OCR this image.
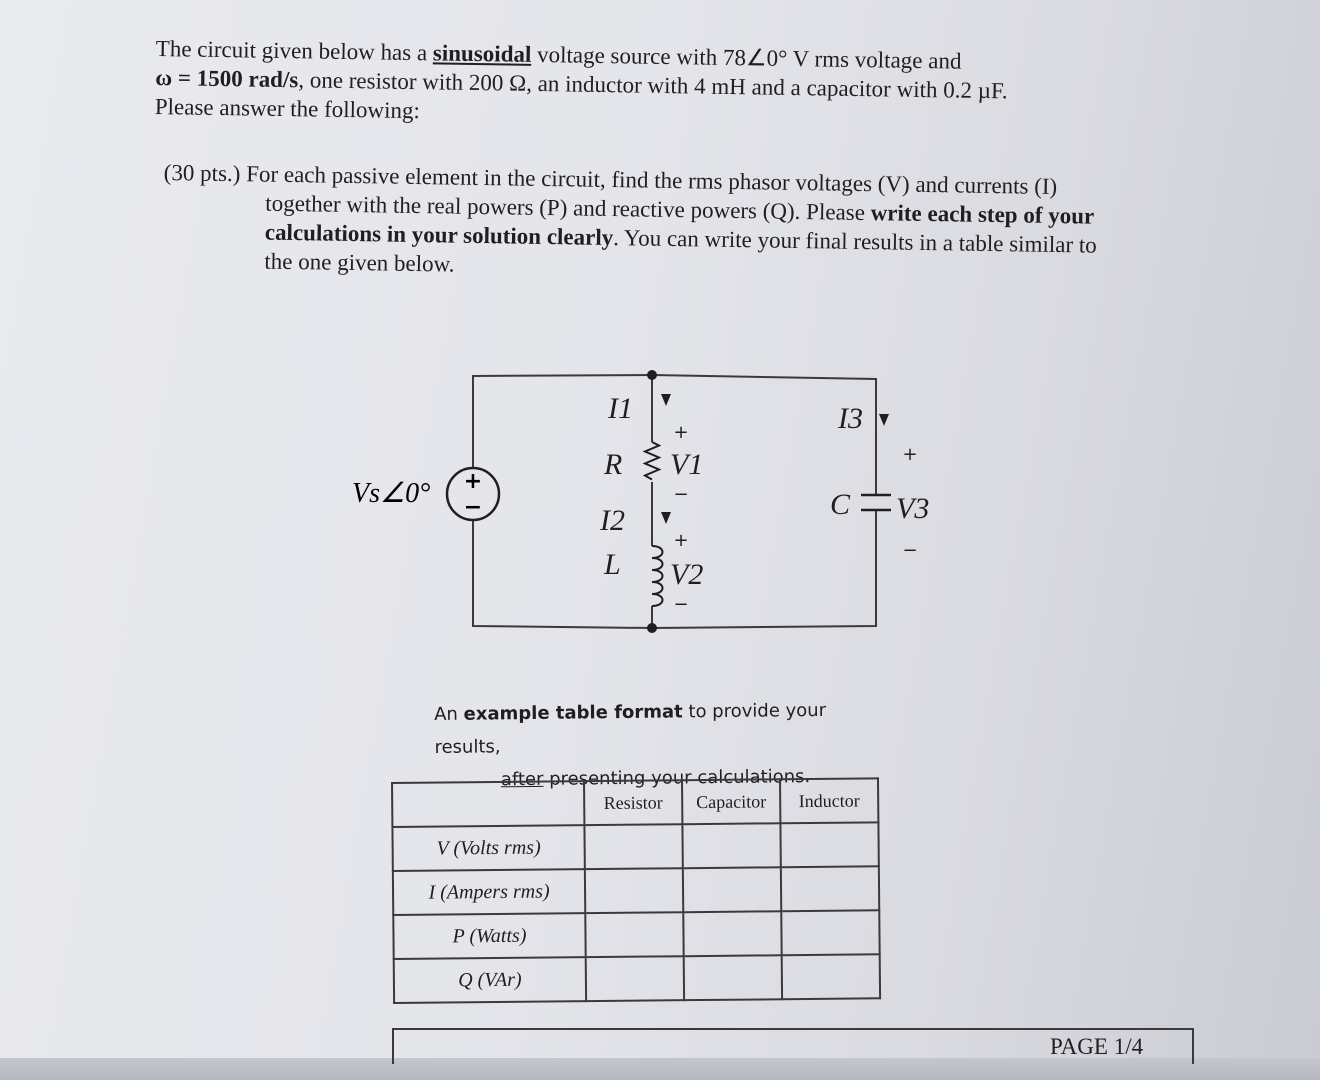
The circuit given below has a sinusoidal voltage source with 78∠0° V rms voltage and
ω = 1500 rad/s, one resistor with 200 Ω, an inductor with 4 mH and a capacitor with 0.2 µF.
Please answer the following:
(30 pts.) For each passive element in the circuit, find the rms phasor voltages (V) and currents (I)
together with the real powers (P) and reactive powers (Q). Please write each step of your
calculations in your solution clearly. You can write your final results in a table similar to
the one given below.
+
−
Vs∠0°
I1
R
I2
L
V1
V2
I3
C V3
+
−
+
−
+
−
An example table format to provide your results,
after presenting your calculations.
	Resistor	Capacitor	Inductor
V (Volts rms)			
I (Ampers rms)			
P (Watts)			
Q (VAr)			
PAGE 1/4
